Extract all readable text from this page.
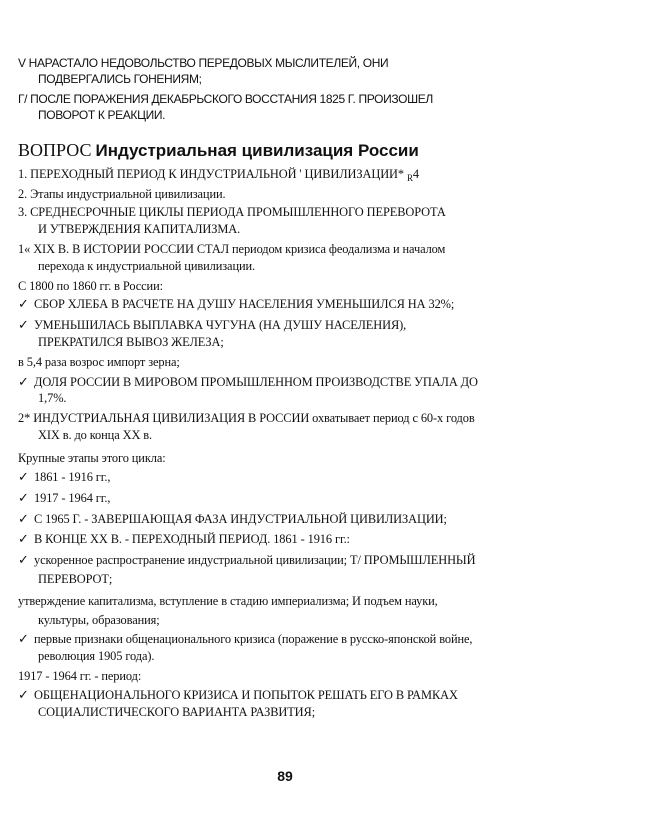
V НАРАСТАЛО НЕДОВОЛЬСТВО ПЕРЕДОВЫХ МЫСЛИТЕЛЕЙ, ОНИ
ПОДВЕРГАЛИСЬ ГОНЕНИЯМ;
Г/ ПОСЛЕ ПОРАЖЕНИЯ ДЕКАБРЬСКОГО ВОССТАНИЯ 1825 Г. ПРОИЗОШЕЛ
ПОВОРОТ К РЕАКЦИИ.
ВОПРОС Индустриальная цивилизация России
1. ПЕРЕХОДНЫЙ ПЕРИОД К ИНДУСТРИАЛЬНОЙ ' ЦИВИЛИЗАЦИИ* $_R$4
2. Этапы индустриальной цивилизации.
3. СРЕДНЕСРОЧНЫЕ ЦИКЛЫ ПЕРИОДА ПРОМЫШЛЕННОГО ПЕРЕВОРОТА
И УТВЕРЖДЕНИЯ КАПИТАЛИЗМА.
1« XIX В. В ИСТОРИИ РОССИИ СТАЛ периодом кризиса феодализма и началом
перехода к индустриальной цивилизации.
С 1800 по 1860 гг. в России:
✓ СБОР ХЛЕБА В РАСЧЕТЕ НА ДУШУ НАСЕЛЕНИЯ УМЕНЬШИЛСЯ НА 32%;
✓ УМЕНЬШИЛАСЬ ВЫПЛАВКА ЧУГУНА (НА ДУШУ НАСЕЛЕНИЯ),
ПРЕКРАТИЛСЯ ВЫВОЗ ЖЕЛЕЗА;
в 5,4 раза возрос импорт зерна;
✓ ДОЛЯ РОССИИ В МИРОВОМ ПРОМЫШЛЕННОМ ПРОИЗВОДСТВЕ УПАЛА ДО
1,7%.
2* ИНДУСТРИАЛЬНАЯ ЦИВИЛИЗАЦИЯ В РОССИИ охватывает период с 60-х годов
XIX в. до конца XX в.
Крупные этапы этого цикла:
✓ 1861 - 1916 гг.,
✓ 1917 - 1964 гг.,
✓ С 1965 Г. - ЗАВЕРШАЮЩАЯ ФАЗА ИНДУСТРИАЛЬНОЙ ЦИВИЛИЗАЦИИ;
✓ В КОНЦЕ XX В. - ПЕРЕХОДНЫЙ ПЕРИОД. 1861 - 1916 гг.:
✓ ускоренное распространение индустриальной цивилизации; Т/ ПРОМЫШЛЕННЫЙ
ПЕРЕВОРОТ;
утверждение капитализма, вступление в стадию империализма; И подъем науки,
культуры, образования;
✓ первые признаки общенационального кризиса (поражение в русско-японской войне,
революция 1905 года).
1917 - 1964 гг. - период:
✓ ОБЩЕНАЦИОНАЛЬНОГО КРИЗИСА И ПОПЫТОК РЕШАТЬ ЕГО В РАМКАХ
СОЦИАЛИСТИЧЕСКОГО ВАРИАНТА РАЗВИТИЯ;
89
